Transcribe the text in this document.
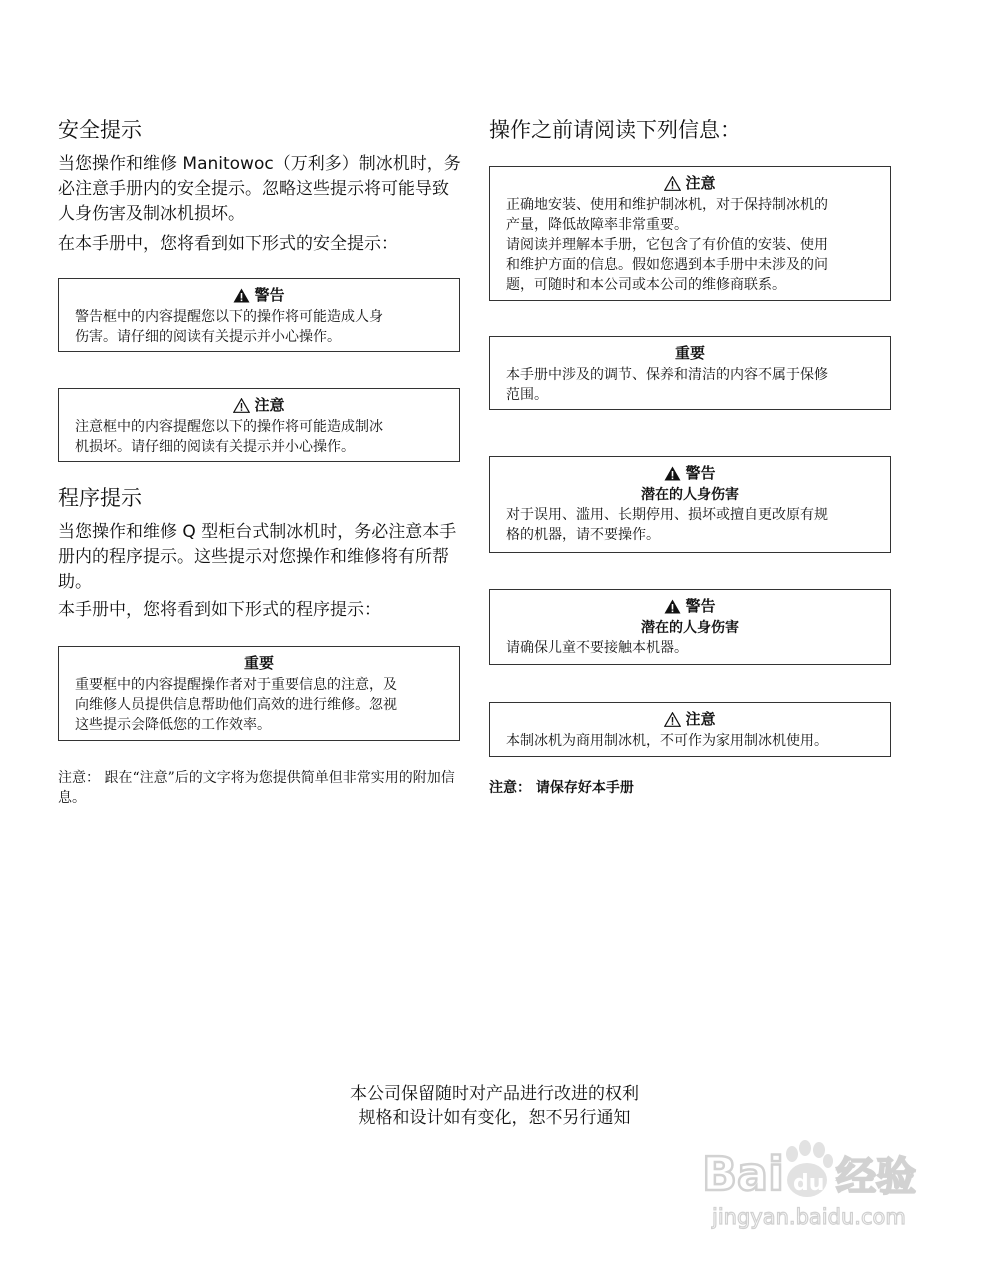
安全提示

当您操作和维修 Manitowoc（万利多）制冰机时，务必注意手册内的安全提示。忽略这些提示将可能导致人身伤害及制冰机损坏。

在本手册中，您将看到如下形式的安全提示：

警告
警告框中的内容提醒您以下的操作将可能造成人身
伤害。请仔细的阅读有关提示并小心操作。
注意
注意框中的内容提醒您以下的操作将可能造成制冰
机损坏。请仔细的阅读有关提示并小心操作。
程序提示

当您操作和维修 Q 型柜台式制冰机时，务必注意本手册内的程序提示。这些提示对您操作和维修将有所帮助。

本手册中，您将看到如下形式的程序提示：

重要
重要框中的内容提醒操作者对于重要信息的注意，及
向维修人员提供信息帮助他们高效的进行维修。忽视
这些提示会降低您的工作效率。
注意： 跟在“注意”后的文字将为您提供简单但非常实用的附加信息。
操作之前请阅读下列信息：
注意
正确地安装、使用和维护制冰机，对于保持制冰机的
产量，降低故障率非常重要。
请阅读并理解本手册，它包含了有价值的安装、使用
和维护方面的信息。假如您遇到本手册中未涉及的问
题，可随时和本公司或本公司的维修商联系。
重要
本手册中涉及的调节、保养和清洁的内容不属于保修
范围。
警告
潜在的人身伤害
对于误用、滥用、长期停用、损坏或擅自更改原有规
格的机器，请不要操作。
警告
潜在的人身伤害
请确保儿童不要接触本机器。
注意
本制冰机为商用制冰机，不可作为家用制冰机使用。
注意： 请保存好本手册
本公司保留随时对产品进行改进的权利
规格和设计如有变化，恕不另行通知
Bai du 经验
jingyan.baidu.com
